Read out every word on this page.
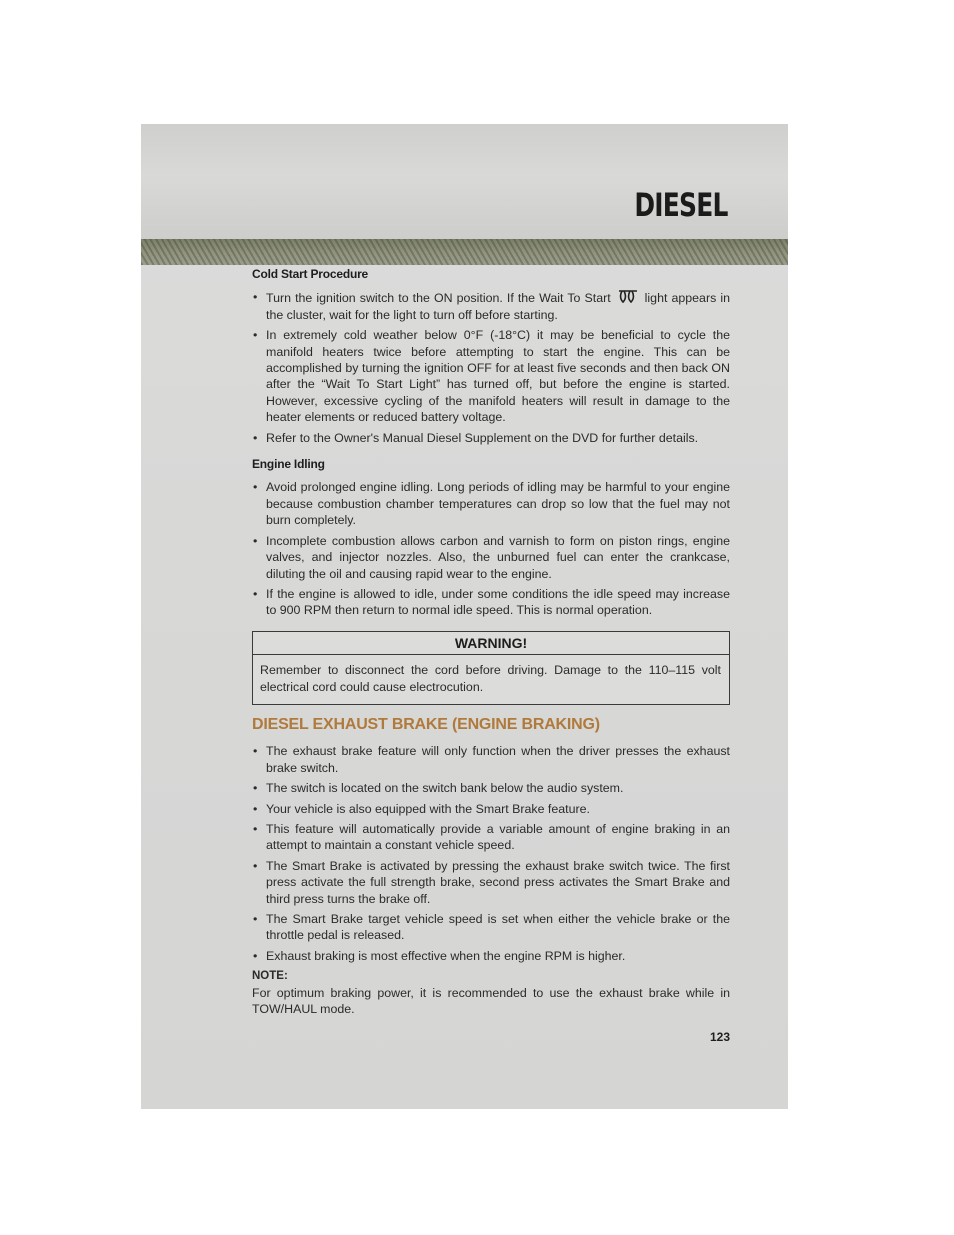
DIESEL
Cold Start Procedure
• Turn the ignition switch to the ON position. If the Wait To Start	light appears in the cluster, wait for the light to turn off before starting.
• In extremely cold weather below 0°F (-18°C) it may be beneficial to cycle the manifold heaters twice before attempting to start the engine. This can be accomplished by turning the ignition OFF for at least five seconds and then back ON after the “Wait To Start Light” has turned off, but before the engine is started. However, excessive cycling of the manifold heaters will result in damage to the heater elements or reduced battery voltage.
• Refer to the Owner's Manual Diesel Supplement on the DVD for further details.
Engine Idling
• Avoid prolonged engine idling. Long periods of idling may be harmful to your engine because combustion chamber temperatures can drop so low that the fuel may not burn completely.
• Incomplete combustion allows carbon and varnish to form on piston rings, engine valves, and injector nozzles. Also, the unburned fuel can enter the crankcase, diluting the oil and causing rapid wear to the engine.
• If the engine is allowed to idle, under some conditions the idle speed may increase to 900 RPM then return to normal idle speed. This is normal operation.
WARNING!
Remember to disconnect the cord before driving. Damage to the 110–115 volt electrical cord could cause electrocution.
DIESEL EXHAUST BRAKE (ENGINE BRAKING)
• The exhaust brake feature will only function when the driver presses the exhaust brake switch.
• The switch is located on the switch bank below the audio system.
• Your vehicle is also equipped with the Smart Brake feature.
• This feature will automatically provide a variable amount of engine braking in an attempt to maintain a constant vehicle speed.
• The Smart Brake is activated by pressing the exhaust brake switch twice. The first press activate the full strength brake, second press activates the Smart Brake and third press turns the brake off.
• The Smart Brake target vehicle speed is set when either the vehicle brake or the throttle pedal is released.
• Exhaust braking is most effective when the engine RPM is higher.
NOTE:
For optimum braking power, it is recommended to use the exhaust brake while in TOW/HAUL mode.
123
